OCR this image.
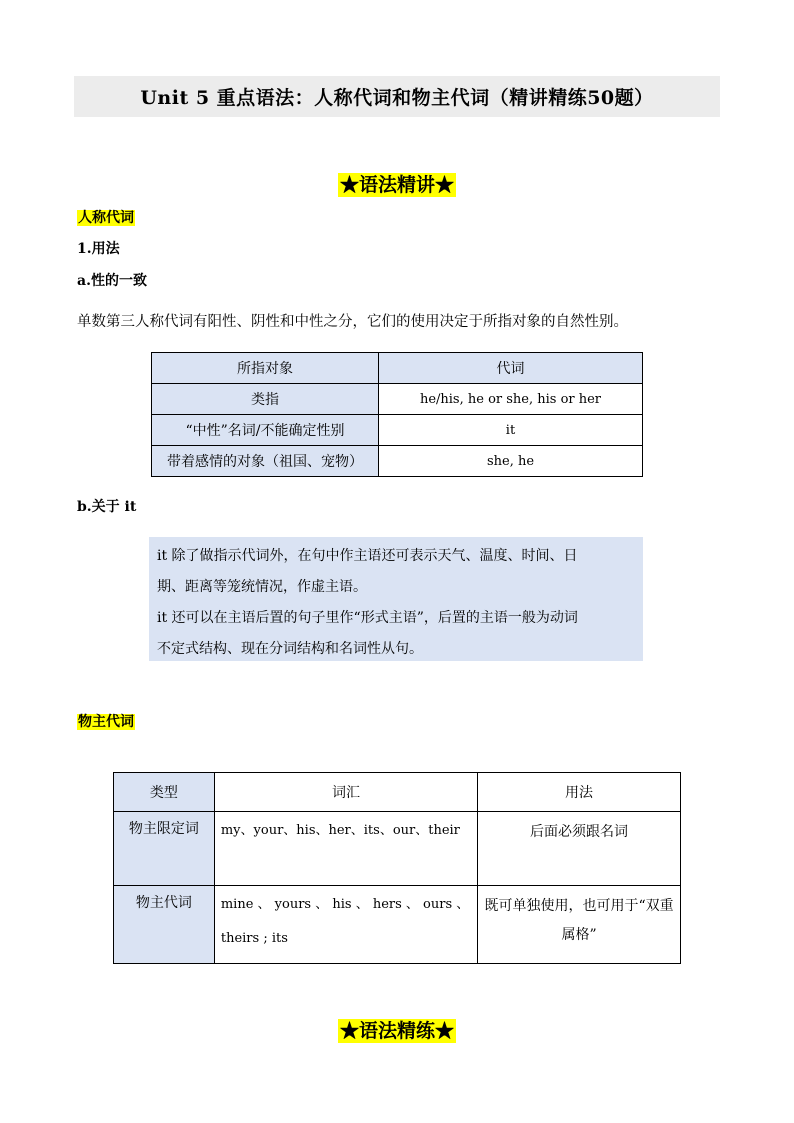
Unit 5 重点语法：人称代词和物主代词（精讲精练50题）
★语法精讲★
人称代词
1.用法
a.性的一致
单数第三人称代词有阳性、阴性和中性之分，它们的使用决定于所指对象的自然性别。
所指对象	代词
类指	he/his, he or she, his or her
“中性”名词/不能确定性别	it
带着感情的对象（祖国、宠物）	she, he
b.关于 it
it 除了做指示代词外，在句中作主语还可表示天气、温度、时间、日
期、距离等笼统情况，作虚主语。
it 还可以在主语后置的句子里作“形式主语”，后置的主语一般为动词
不定式结构、现在分词结构和名词性从句。
物主代词
类型	词汇	用法
物主限定词	my、your、his、her、its、our、their	后面必须跟名词
物主代词	mine 、 yours 、 his 、 hers 、 ours 、 theirs ; its	既可单独使用，也可用于“双重属格”
★语法精练★
